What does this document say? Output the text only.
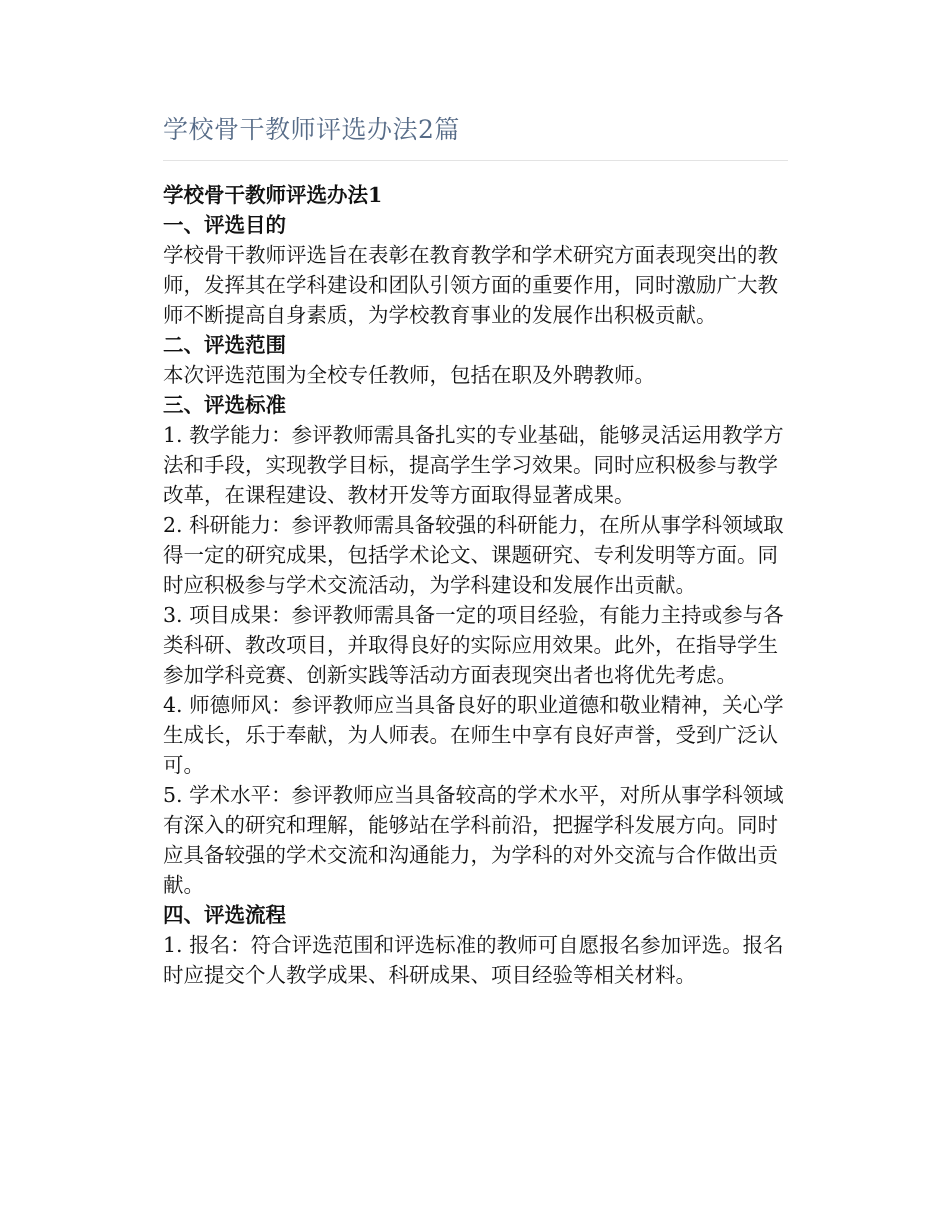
学校骨干教师评选办法2篇

学校骨干教师评选办法1

一、评选目的

学校骨干教师评选旨在表彰在教育教学和学术研究方面表现突出的教师，发挥其在学科建设和团队引领方面的重要作用，同时激励广大教师不断提高自身素质，为学校教育事业的发展作出积极贡献。

二、评选范围

本次评选范围为全校专任教师，包括在职及外聘教师。

三、评选标准

1. 教学能力：参评教师需具备扎实的专业基础，能够灵活运用教学方法和手段，实现教学目标，提高学生学习效果。同时应积极参与教学改革，在课程建设、教材开发等方面取得显著成果。

2. 科研能力：参评教师需具备较强的科研能力，在所从事学科领域取得一定的研究成果，包括学术论文、课题研究、专利发明等方面。同时应积极参与学术交流活动，为学科建设和发展作出贡献。

3. 项目成果：参评教师需具备一定的项目经验，有能力主持或参与各类科研、教改项目，并取得良好的实际应用效果。此外，在指导学生参加学科竞赛、创新实践等活动方面表现突出者也将优先考虑。

4. 师德师风：参评教师应当具备良好的职业道德和敬业精神，关心学生成长，乐于奉献，为人师表。在师生中享有良好声誉，受到广泛认可。

5. 学术水平：参评教师应当具备较高的学术水平，对所从事学科领域有深入的研究和理解，能够站在学科前沿，把握学科发展方向。同时应具备较强的学术交流和沟通能力，为学科的对外交流与合作做出贡献。

四、评选流程

1. 报名：符合评选范围和评选标准的教师可自愿报名参加评选。报名时应提交个人教学成果、科研成果、项目经验等相关材料。
